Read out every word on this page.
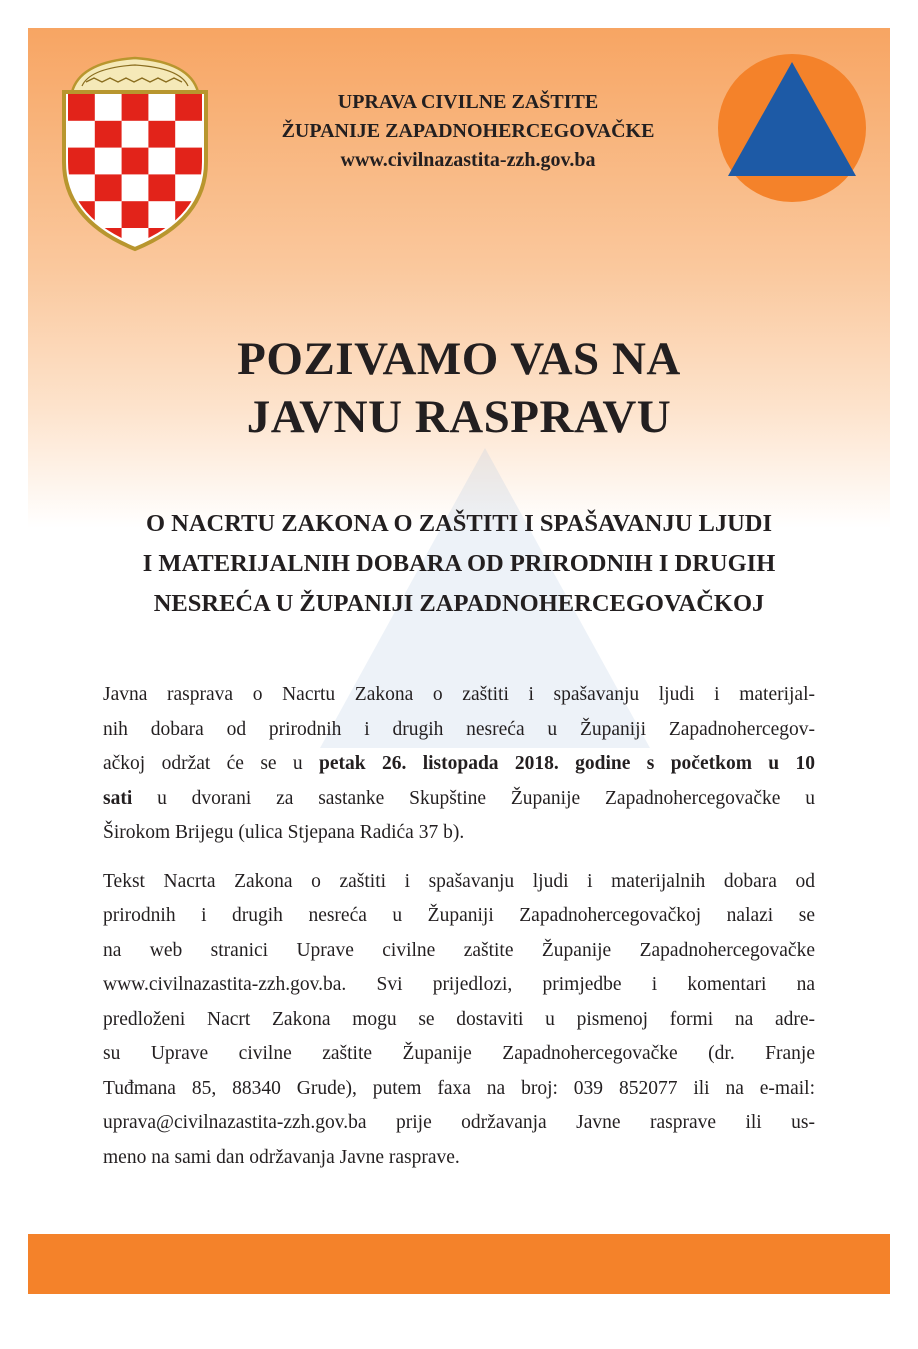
UPRAVA CIVILNE ZAŠTITE
ŽUPANIJE ZAPADNOHERCEGOVAČKE
www.civilnazastita-zzh.gov.ba
POZIVAMO VAS NA
JAVNU RASPRAVU
O NACRTU ZAKONA O ZAŠTITI I SPAŠAVANJU LJUDI
I MATERIJALNIH DOBARA OD PRIRODNIH I DRUGIH
NESREĆA U ŽUPANIJI ZAPADNOHERCEGOVAČKOJ

Javna rasprava o Nacrtu Zakona o zaštiti i spašavanju ljudi i materijal-
nih dobara od prirodnih i drugih nesreća u Županiji Zapadnohercegov-
ačkoj održat će se u petak 26. listopada 2018. godine s početkom u 10
sati u dvorani za sastanke Skupštine Županije Zapadnohercegovačke u
Širokom Brijegu (ulica Stjepana Radića 37 b).

Tekst Nacrta Zakona o zaštiti i spašavanju ljudi i materijalnih dobara od
prirodnih i drugih nesreća u Županiji Zapadnohercegovačkoj nalazi se
na web stranici Uprave civilne zaštite Županije Zapadnohercegovačke
www.civilnazastita-zzh.gov.ba. Svi prijedlozi, primjedbe i komentari na
predloženi Nacrt Zakona mogu se dostaviti u pismenoj formi na adre-
su Uprave civilne zaštite Županije Zapadnohercegovačke (dr. Franje
Tuđmana 85, 88340 Grude), putem faxa na broj: 039 852077 ili na e-mail:
uprava@civilnazastita-zzh.gov.ba prije održavanja Javne rasprave ili us-
meno na sami dan održavanja Javne rasprave.
